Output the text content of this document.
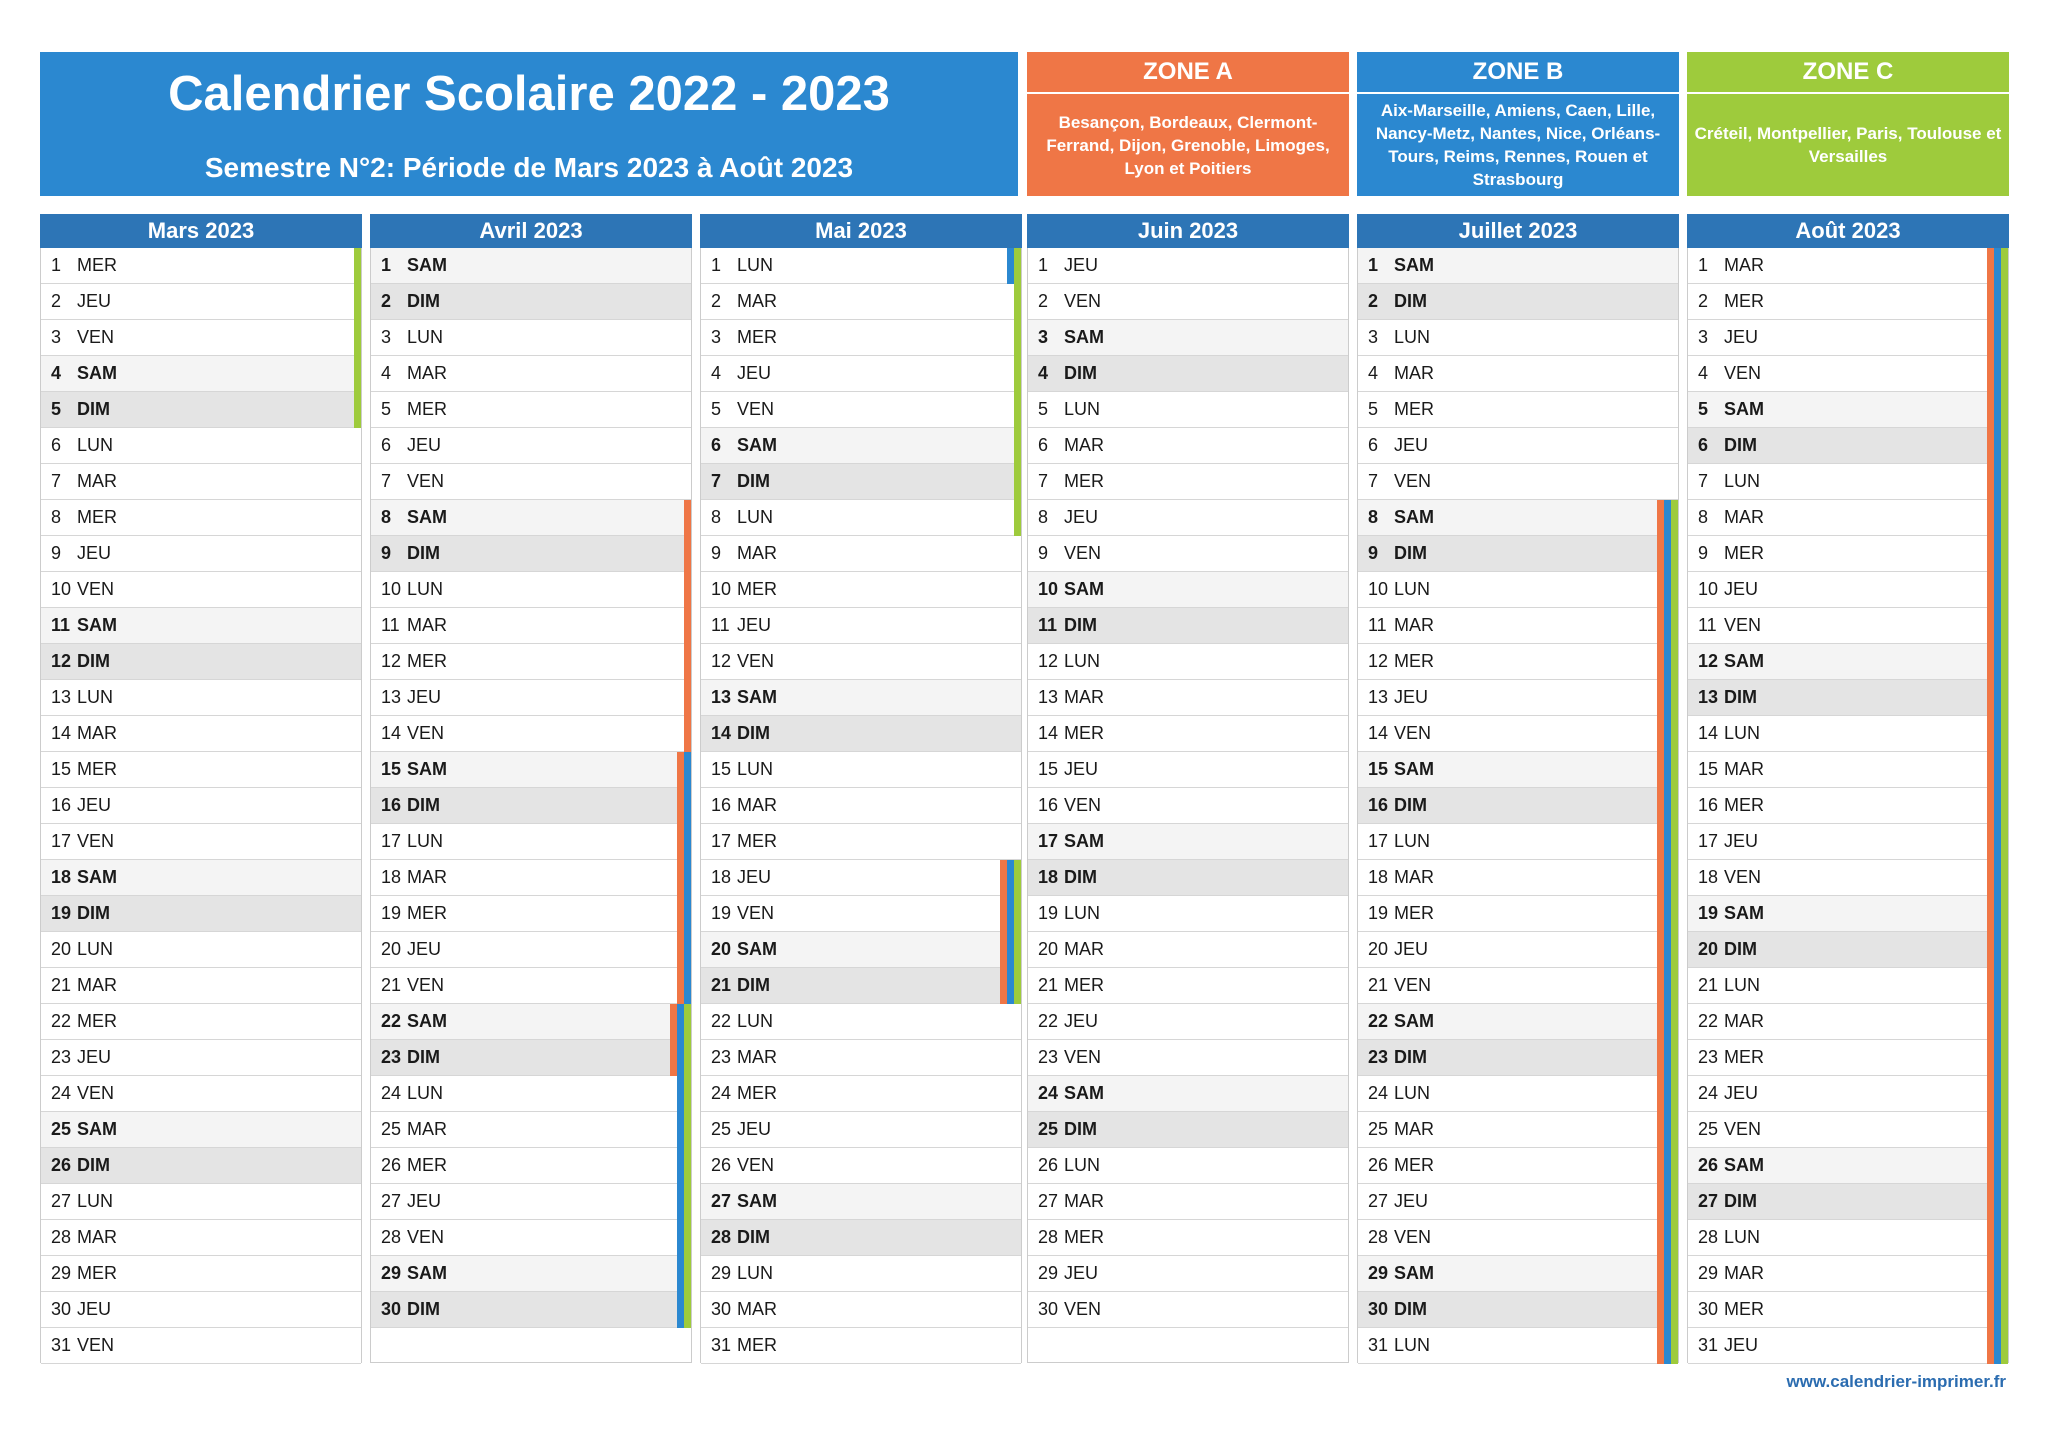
Calendrier Scolaire 2022 - 2023
Semestre N°2: Période de Mars 2023 à Août 2023
ZONE A
Besançon, Bordeaux, Clermont-Ferrand, Dijon, Grenoble, Limoges, Lyon et Poitiers
ZONE B
Aix-Marseille, Amiens, Caen, Lille, Nancy-Metz, Nantes, Nice, Orléans-Tours, Reims, Rennes, Rouen et Strasbourg
ZONE C
Créteil, Montpellier, Paris, Toulouse et Versailles
Mars 2023
1 MER
2 JEU
3 VEN
4 SAM
5 DIM
6 LUN
7 MAR
8 MER
9 JEU
10 VEN
11 SAM
12 DIM
13 LUN
14 MAR
15 MER
16 JEU
17 VEN
18 SAM
19 DIM
20 LUN
21 MAR
22 MER
23 JEU
24 VEN
25 SAM
26 DIM
27 LUN
28 MAR
29 MER
30 JEU
31 VEN
Avril 2023
1 SAM
2 DIM
3 LUN
4 MAR
5 MER
6 JEU
7 VEN
8 SAM
9 DIM
10 LUN
11 MAR
12 MER
13 JEU
14 VEN
15 SAM
16 DIM
17 LUN
18 MAR
19 MER
20 JEU
21 VEN
22 SAM
23 DIM
24 LUN
25 MAR
26 MER
27 JEU
28 VEN
29 SAM
30 DIM
Mai 2023
1 LUN
2 MAR
3 MER
4 JEU
5 VEN
6 SAM
7 DIM
8 LUN
9 MAR
10 MER
11 JEU
12 VEN
13 SAM
14 DIM
15 LUN
16 MAR
17 MER
18 JEU
19 VEN
20 SAM
21 DIM
22 LUN
23 MAR
24 MER
25 JEU
26 VEN
27 SAM
28 DIM
29 LUN
30 MAR
31 MER
Juin 2023
1 JEU
2 VEN
3 SAM
4 DIM
5 LUN
6 MAR
7 MER
8 JEU
9 VEN
10 SAM
11 DIM
12 LUN
13 MAR
14 MER
15 JEU
16 VEN
17 SAM
18 DIM
19 LUN
20 MAR
21 MER
22 JEU
23 VEN
24 SAM
25 DIM
26 LUN
27 MAR
28 MER
29 JEU
30 VEN
Juillet 2023
1 SAM
2 DIM
3 LUN
4 MAR
5 MER
6 JEU
7 VEN
8 SAM
9 DIM
10 LUN
11 MAR
12 MER
13 JEU
14 VEN
15 SAM
16 DIM
17 LUN
18 MAR
19 MER
20 JEU
21 VEN
22 SAM
23 DIM
24 LUN
25 MAR
26 MER
27 JEU
28 VEN
29 SAM
30 DIM
31 LUN
Août 2023
1 MAR
2 MER
3 JEU
4 VEN
5 SAM
6 DIM
7 LUN
8 MAR
9 MER
10 JEU
11 VEN
12 SAM
13 DIM
14 LUN
15 MAR
16 MER
17 JEU
18 VEN
19 SAM
20 DIM
21 LUN
22 MAR
23 MER
24 JEU
25 VEN
26 SAM
27 DIM
28 LUN
29 MAR
30 MER
31 JEU
www.calendrier-imprimer.fr
